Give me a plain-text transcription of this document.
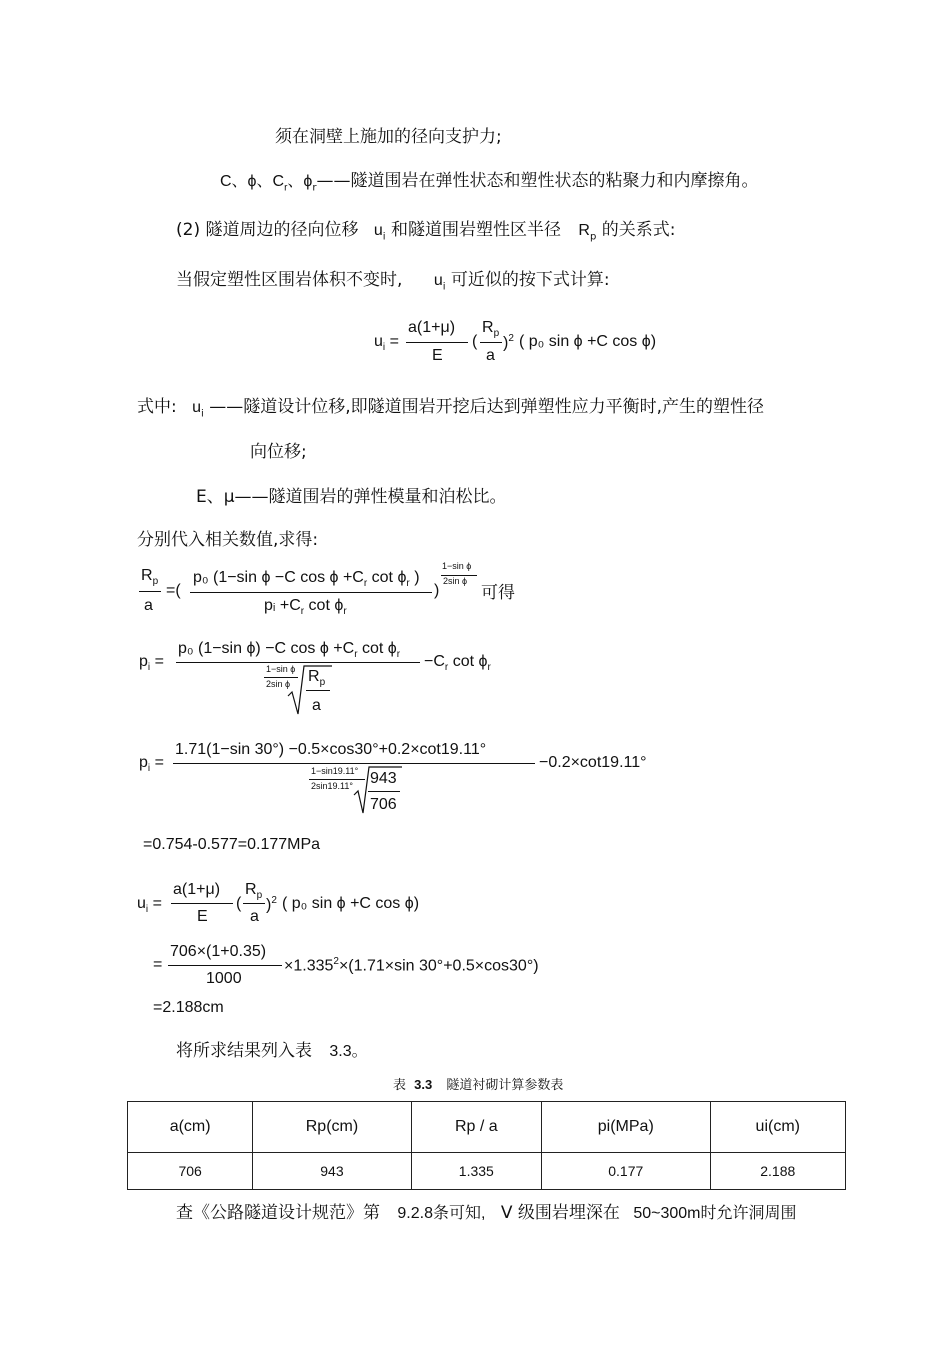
须在洞壁上施加的径向支护力;
C、ϕ、$C_r$、$\phi_r——$隧道围岩在弹性状态和塑性状态的粘聚力和内摩擦角。
(2) 隧道周边的径向位移 $u_i$ 和隧道围岩塑性区半径 $R_p$ 的关系式:
当假定塑性区围岩体积不变时, $u_i$ 可近似的按下式计算:
$u_i$ =
a(1+μ)
E
(
$R_p$
a
)$^2$ ( p₀ sin ϕ +C cos ϕ)
式中: $u_i$ ——隧道设计位移,即隧道围岩开挖后达到弹塑性应力平衡时,产生的塑性径
向位移;
E、μ——隧道围岩的弹性模量和泊松比。
分别代入相关数值,求得:
$R_p$
a
=(
p₀ (1−sin ϕ −C $\cos \phi +C_r$ $\cot \phi_r$ )
pᵢ $+C_r$ $\cot \phi_r$
)
1−sin ϕ
2sin ϕ
可得
$p_i$ =
p₀ (1−sin ϕ) −C $\cos \phi +C_r$ $\cot \phi_r$
1−sin ϕ
2sin ϕ $R_p$
a
$-C_r$ $\cot \phi_r$
$p_i$ =
1.71(1−sin 30°) −0.5×cos30°+0.2×cot19.11°
1−sin19.11°
2sin19.11° 943
706
−0.2×cot19.11°
=0.754-0.577=0.177MPa
$u_i$ =
a(1+μ)
E
(
$R_p$
a
)$^2$ ( p₀ sin ϕ +C cos ϕ)
=
706×(1+0.35)
1000
$\times 1.335^2\times(1.71\times\sin$ 30°+0.5×cos30°)
=2.188cm
将所求结果列入表 3.3。
表 3.3 隧道衬砌计算参数表
a(cm)	Rp(cm)	Rp / a	pi(MPa)	ui(cm)
706	943	1.335	0.177	2.188
查《公路隧道设计规范》第 9.2.8条可知, V 级围岩埋深在 50~300m时允许洞周围
